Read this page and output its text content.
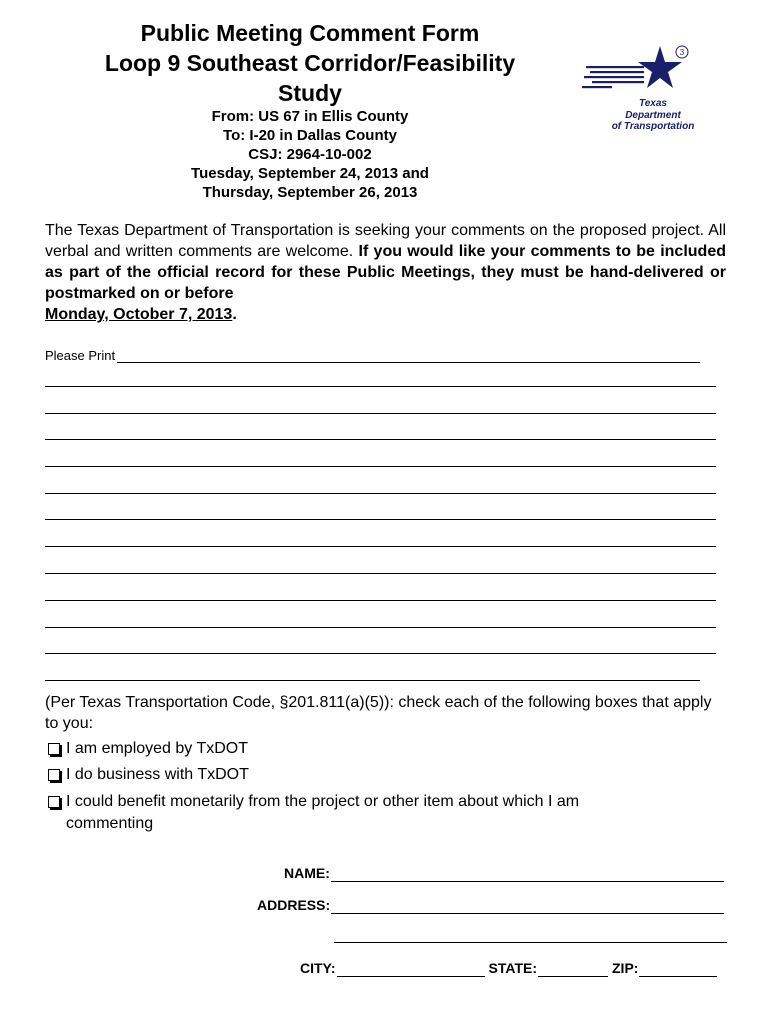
Public Meeting Comment Form
Loop 9 Southeast Corridor/Feasibility
Study
From: US 67 in Ellis County
To: I-20 in Dallas County
CSJ: 2964-10-002
Tuesday, September 24, 2013 and
Thursday, September 26, 2013
3
Texas
Department
of Transportation
The Texas Department of Transportation is seeking your comments on the proposed project. All verbal and written comments are welcome. If you would like your comments to be included as part of the official record for these Public Meetings, they must be hand-delivered or postmarked on or before
Monday, October 7, 2013.
Please Print
(Per Texas Transportation Code, §201.811(a)(5)): check each of the following boxes that apply to you:
I am employed by TxDOT
I do business with TxDOT
I could benefit monetarily from the project or other item about which I am commenting
NAME:
ADDRESS:
CITY:	STATE:	ZIP:
